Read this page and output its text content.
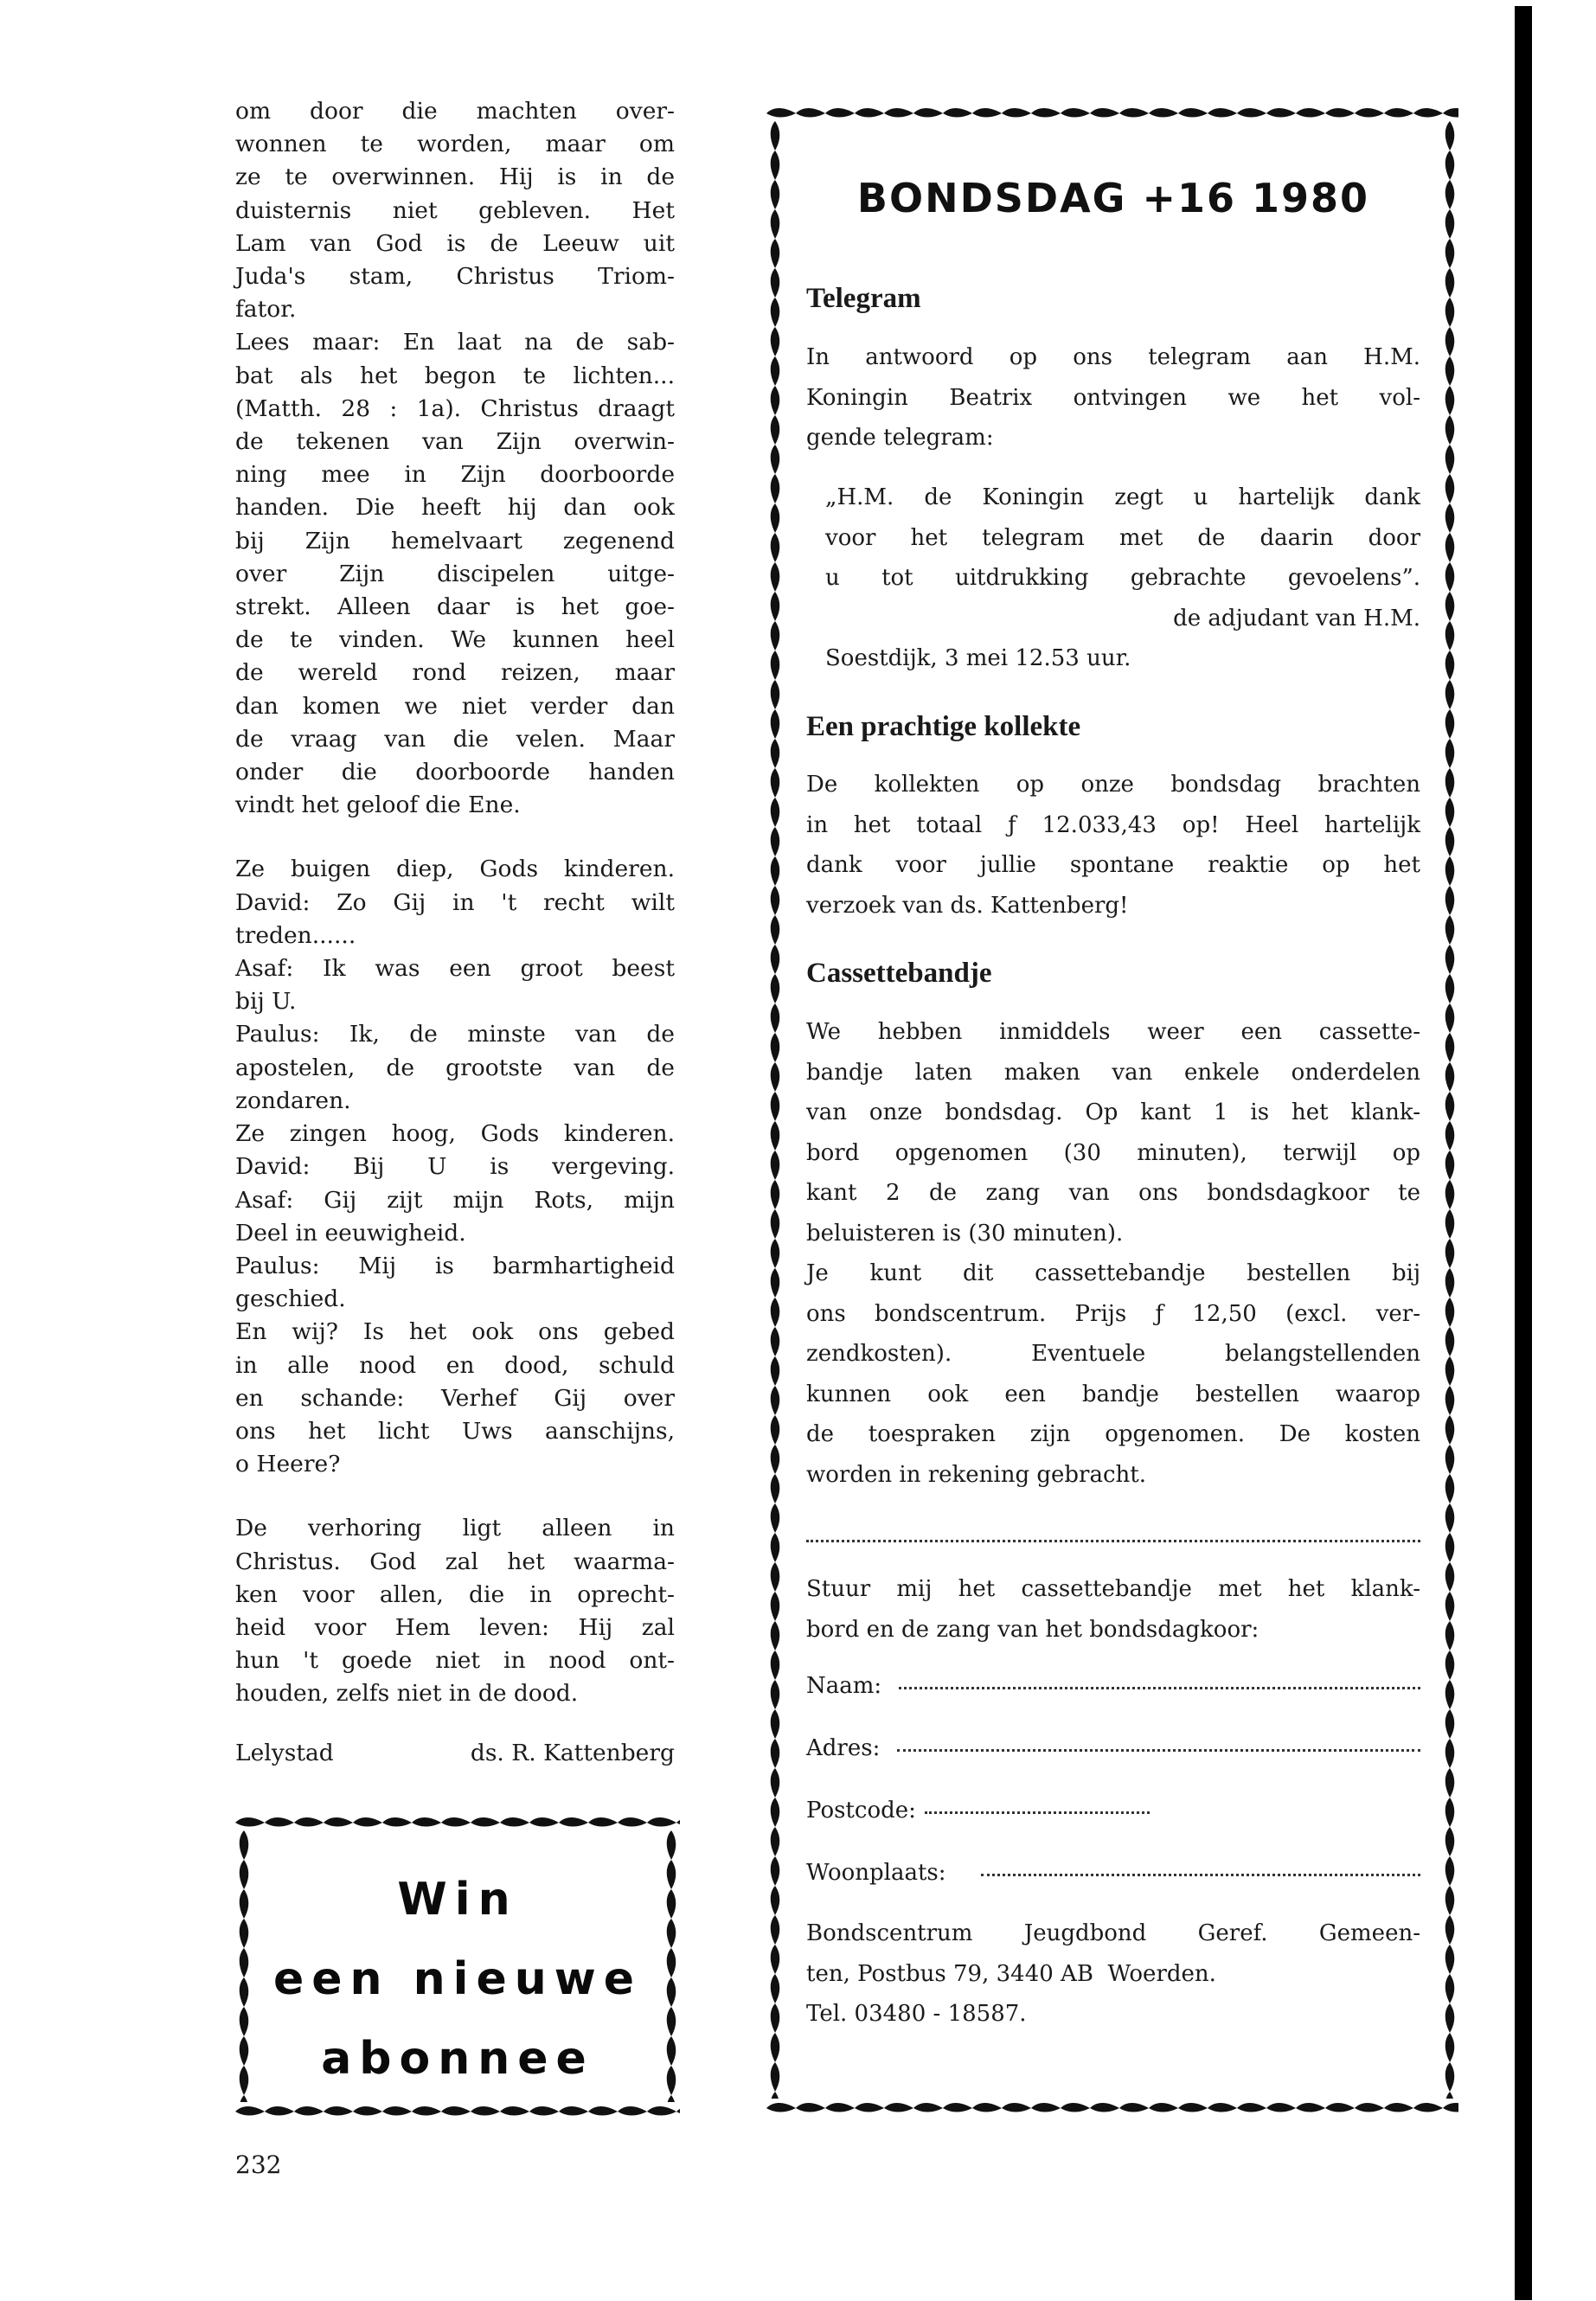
om door die machten over-
wonnen te worden, maar om
ze te overwinnen. Hij is in de
duisternis niet gebleven. Het
Lam van God is de Leeuw uit
Juda's stam, Christus Triom-
fator.
Lees maar: En laat na de sab-
bat als het begon te lichten...
(Matth. 28 : 1a). Christus draagt
de tekenen van Zijn overwin-
ning mee in Zijn doorboorde
handen. Die heeft hij dan ook
bij Zijn hemelvaart zegenend
over Zijn discipelen uitge-
strekt. Alleen daar is het goe-
de te vinden. We kunnen heel
de wereld rond reizen, maar
dan komen we niet verder dan
de vraag van die velen. Maar
onder die doorboorde handen
vindt het geloof die Ene.
Ze buigen diep, Gods kinderen.
David: Zo Gij in 't recht wilt
treden......
Asaf: Ik was een groot beest
bij U.
Paulus: Ik, de minste van de
apostelen, de grootste van de
zondaren.
Ze zingen hoog, Gods kinderen.
David: Bij U is vergeving.
Asaf: Gij zijt mijn Rots, mijn
Deel in eeuwigheid.
Paulus: Mij is barmhartigheid
geschied.
En wij? Is het ook ons gebed
in alle nood en dood, schuld
en schande: Verhef Gij over
ons het licht Uws aanschijns,
o Heere?
De verhoring ligt alleen in
Christus. God zal het waarma-
ken voor allen, die in oprecht-
heid voor Hem leven: Hij zal
hun 't goede niet in nood ont-
houden, zelfs niet in de dood.
Lelystad	ds. R. Kattenberg
Win
een nieuwe
abonnee
232
BONDSDAG +16 1980
Telegram
In antwoord op ons telegram aan H.M.
Koningin Beatrix ontvingen we het vol-
gende telegram:
„H.M. de Koningin zegt u hartelijk dank
voor het telegram met de daarin door
u tot uitdrukking gebrachte gevoelens”.
de adjudant van H.M.
Soestdijk, 3 mei 12.53 uur.
Een prachtige kollekte
De kollekten op onze bondsdag brachten
in het totaal ƒ 12.033,43 op! Heel hartelijk
dank voor jullie spontane reaktie op het
verzoek van ds. Kattenberg!
Cassettebandje
We hebben inmiddels weer een cassette-
bandje laten maken van enkele onderdelen
van onze bondsdag. Op kant 1 is het klank-
bord opgenomen (30 minuten), terwijl op
kant 2 de zang van ons bondsdagkoor te
beluisteren is (30 minuten).
Je kunt dit cassettebandje bestellen bij
ons bondscentrum. Prijs ƒ 12,50 (excl. ver-
zendkosten). Eventuele belangstellenden
kunnen ook een bandje bestellen waarop
de toespraken zijn opgenomen. De kosten
worden in rekening gebracht.
Stuur mij het cassettebandje met het klank-
bord en de zang van het bondsdagkoor:
Naam:
Adres:
Postcode:
Woonplaats:
Bondscentrum Jeugdbond Geref. Gemeen-
ten, Postbus 79, 3440 AB  Woerden.
Tel. 03480 - 18587.
